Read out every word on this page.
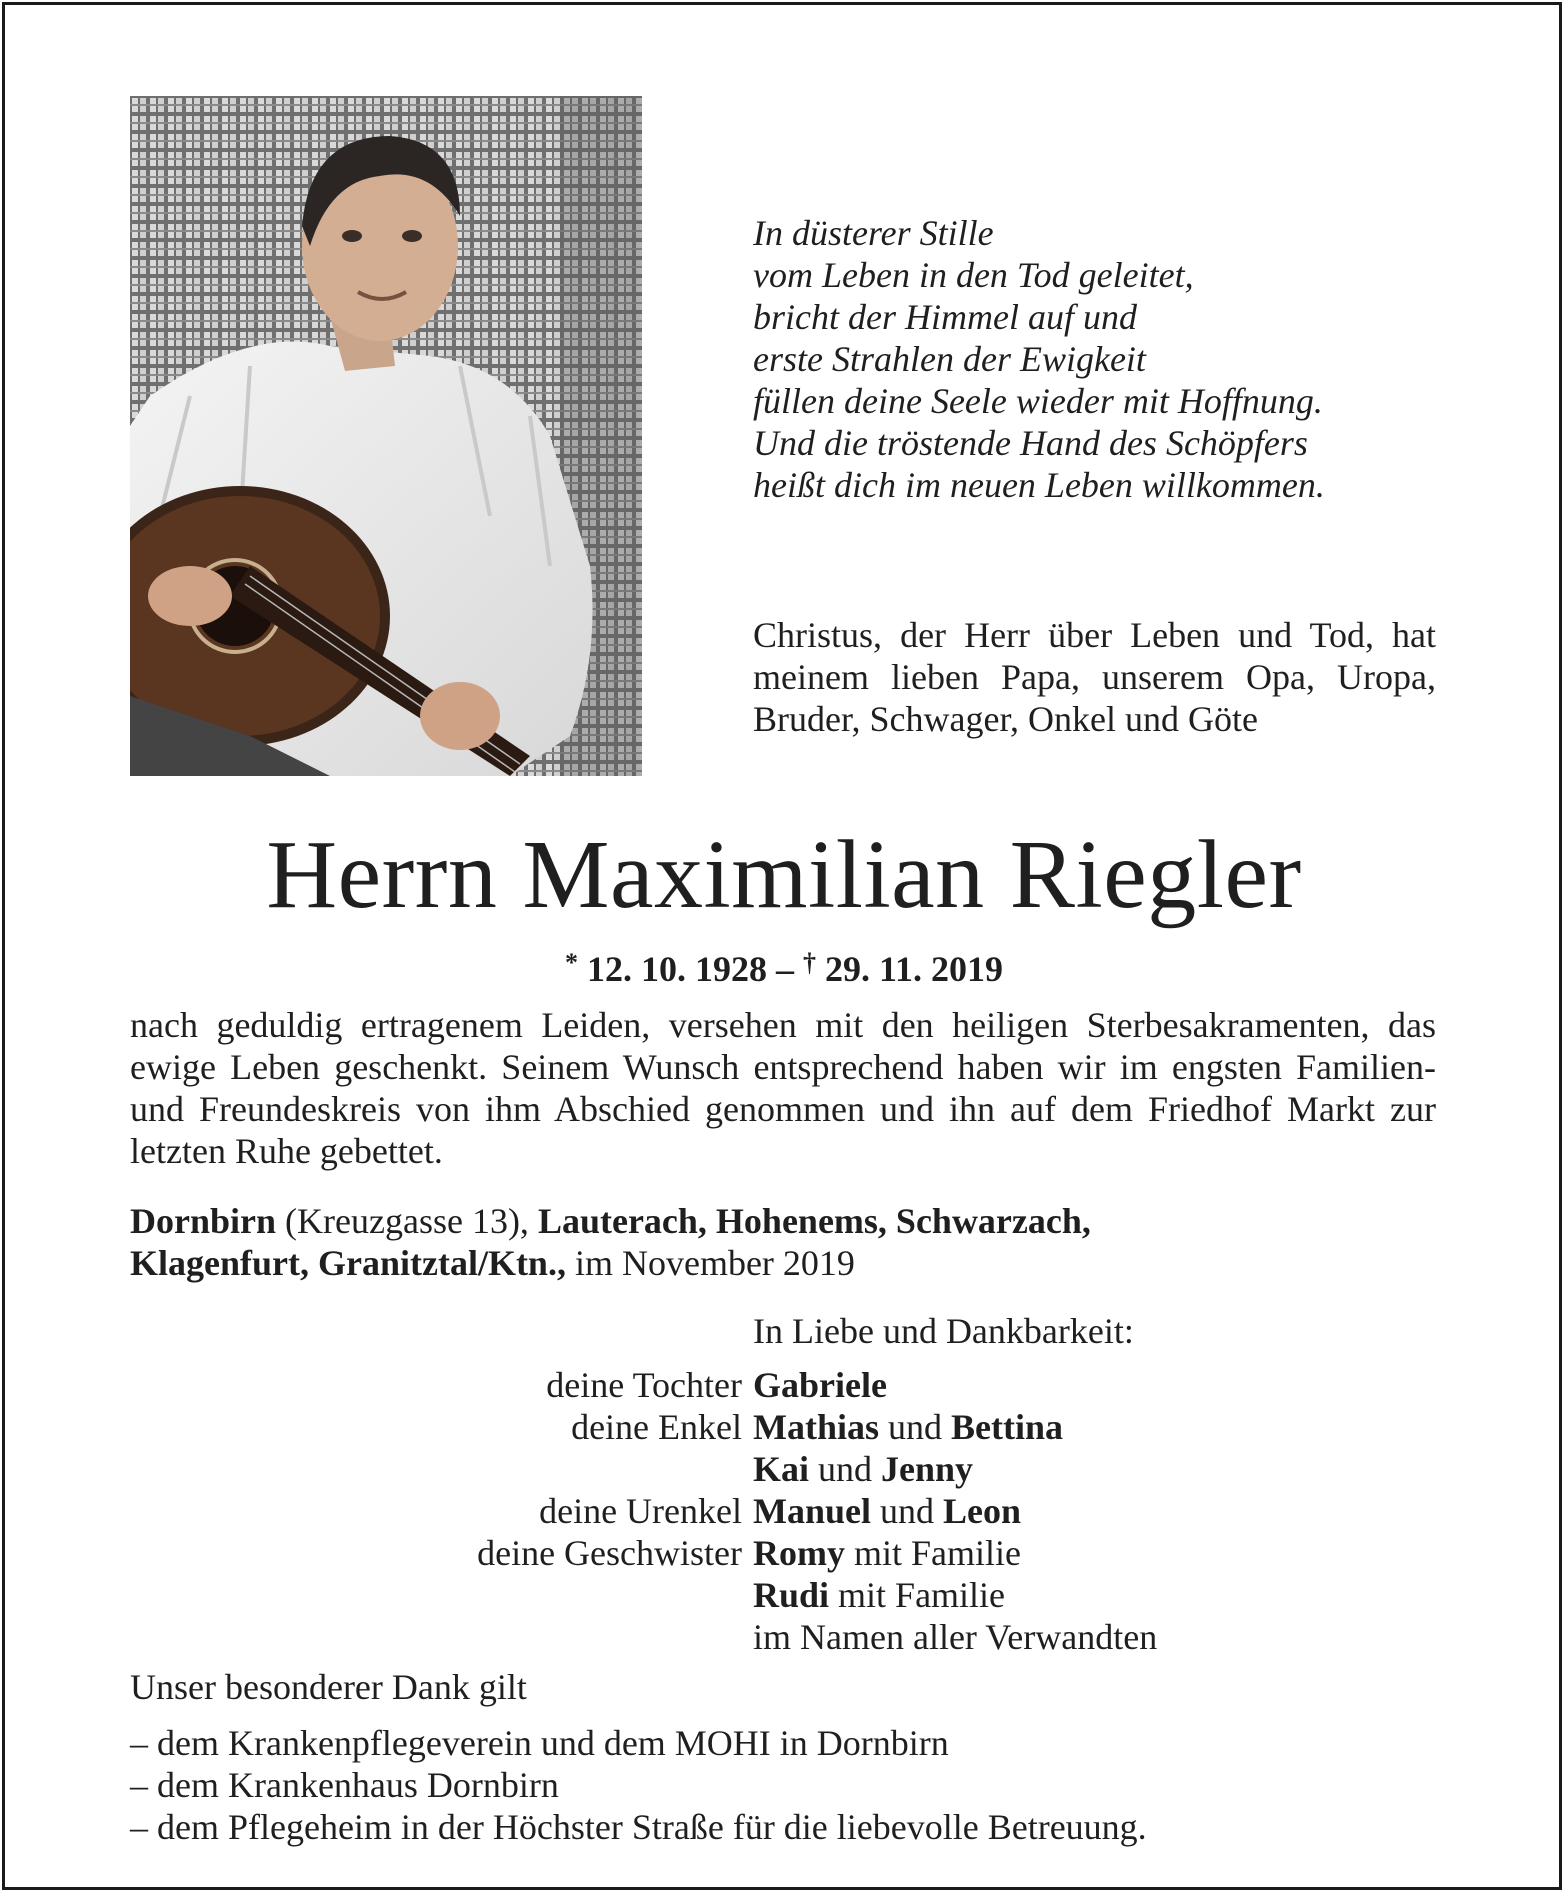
In düsterer Stille
vom Leben in den Tod geleitet,
bricht der Himmel auf und
erste Strahlen der Ewigkeit
füllen deine Seele wieder mit Hoffnung.
Und die tröstende Hand des Schöpfers
heißt dich im neuen Leben willkommen.

Christus, der Herr über Leben und Tod, hat meinem lieben Papa, unserem Opa, Uropa, Bruder, Schwager, Onkel und Göte

Herrn Maximilian Riegler
* 12. 10. 1928 – † 29. 11. 2019

nach geduldig ertragenem Leiden, versehen mit den heiligen Sterbesakramenten, das ewige Leben geschenkt. Seinem Wunsch entsprechend haben wir im engsten Familien- und Freundeskreis von ihm Abschied genommen und ihn auf dem Friedhof Markt zur letzten Ruhe gebettet.

Dornbirn (Kreuzgasse 13), Lauterach, Hohenems, Schwarzach,
Klagenfurt, Granitztal/Ktn., im November 2019
In Liebe und Dankbarkeit:
deine Tochter Gabriele
deine Enkel Mathias und Bettina
Kai und Jenny
deine Urenkel Manuel und Leon
deine Geschwister Romy mit Familie
Rudi mit Familie
im Namen aller Verwandten
Unser besonderer Dank gilt
– dem Krankenpflegeverein und dem MOHI in Dornbirn
– dem Krankenhaus Dornbirn
– dem Pflegeheim in der Höchster Straße für die liebevolle Betreuung.
